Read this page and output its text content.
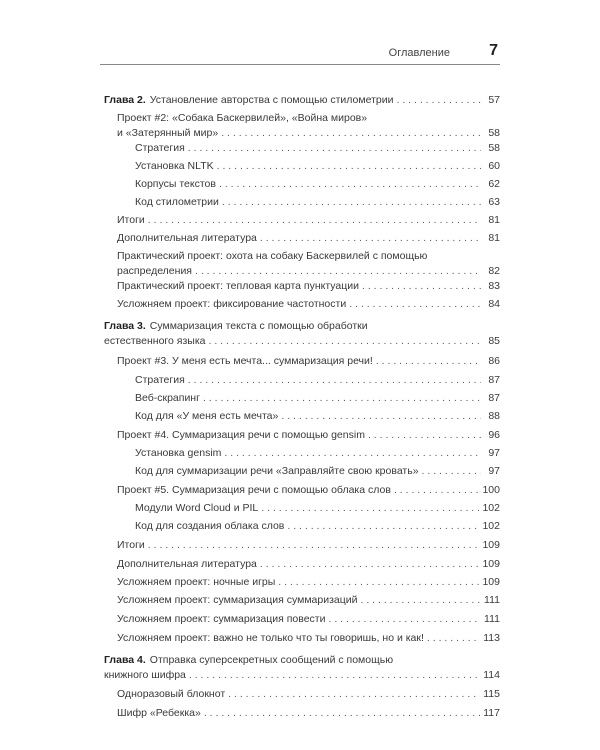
Оглавление 7
Глава 2. Установление авторства с помощью стилометрии . . .	57
Проект #2: «Собака Баскервилей», «Война миров»
и «Затерянный мир» . . .	58
Стратегия . . .	58
Установка NLTK . . .	60
Корпусы текстов . . .	62
Код стилометрии . . .	63
Итоги . . .	81
Дополнительная литература . . .	81
Практический проект: охота на собаку Баскервилей с помощью
распределения . . .	82
Практический проект: тепловая карта пунктуации . . .	83
Усложняем проект: фиксирование частотности . . .	84
Глава 3. Суммаризация текста с помощью обработки
естественного языка . . .	85
Проект #3. У меня есть мечта... суммаризация речи! . . .	86
Стратегия . . .	87
Веб-скрапинг . . .	87
Код для «У меня есть мечта» . . .	88
Проект #4. Суммаризация речи с помощью gensim . . .	96
Установка gensim . . .	97
Код для суммаризации речи «Заправляйте свою кровать» . . .	97
Проект #5. Суммаризация речи с помощью облака слов . . .	100
Модули Word Cloud и PIL . . .	102
Код для создания облака слов . . .	102
Итоги . . .	109
Дополнительная литература . . .	109
Усложняем проект: ночные игры . . .	109
Усложняем проект: суммаризация суммаризаций . . .	111
Усложняем проект: суммаризация повести . . .	111
Усложняем проект: важно не только что ты говоришь, но и как! . . .	113
Глава 4. Отправка суперсекретных сообщений с помощью
книжного шифра . . .	114
Одноразовый блокнот . . .	115
Шифр «Ребекка» . . .	117
